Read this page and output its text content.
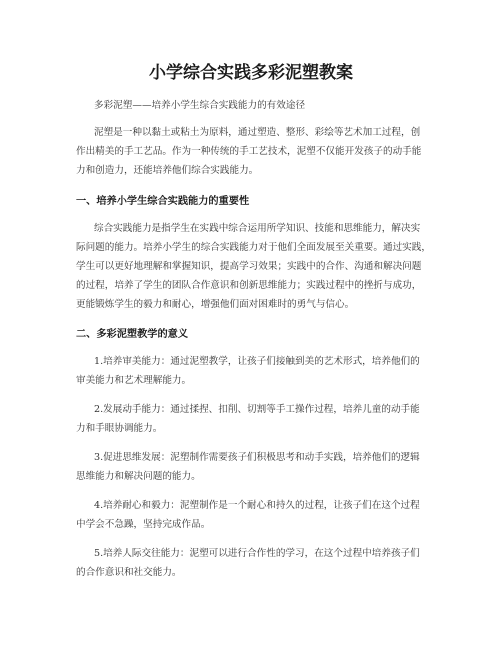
小学综合实践多彩泥塑教案
多彩泥塑——培养小学生综合实践能力的有效途径
泥塑是一种以黏土或粘土为原料，通过塑造、整形、彩绘等艺术加工过程，创
作出精美的手工艺品。作为一种传统的手工艺技术，泥塑不仅能开发孩子的动手能
力和创造力，还能培养他们综合实践能力。
一、培养小学生综合实践能力的重要性
综合实践能力是指学生在实践中综合运用所学知识、技能和思维能力，解决实
际问题的能力。培养小学生的综合实践能力对于他们全面发展至关重要。通过实践，
学生可以更好地理解和掌握知识，提高学习效果；实践中的合作、沟通和解决问题
的过程，培养了学生的团队合作意识和创新思维能力；实践过程中的挫折与成功，
更能锻炼学生的毅力和耐心，增强他们面对困难时的勇气与信心。
二、多彩泥塑教学的意义
1.培养审美能力：通过泥塑教学，让孩子们接触到美的艺术形式，培养他们的
审美能力和艺术理解能力。
2.发展动手能力：通过揉捏、扣削、切割等手工操作过程，培养儿童的动手能
力和手眼协调能力。
3.促进思维发展：泥塑制作需要孩子们积极思考和动手实践，培养他们的逻辑
思维能力和解决问题的能力。
4.培养耐心和毅力：泥塑制作是一个耐心和持久的过程，让孩子们在这个过程
中学会不急躁，坚持完成作品。
5.培养人际交往能力：泥塑可以进行合作性的学习，在这个过程中培养孩子们
的合作意识和社交能力。
